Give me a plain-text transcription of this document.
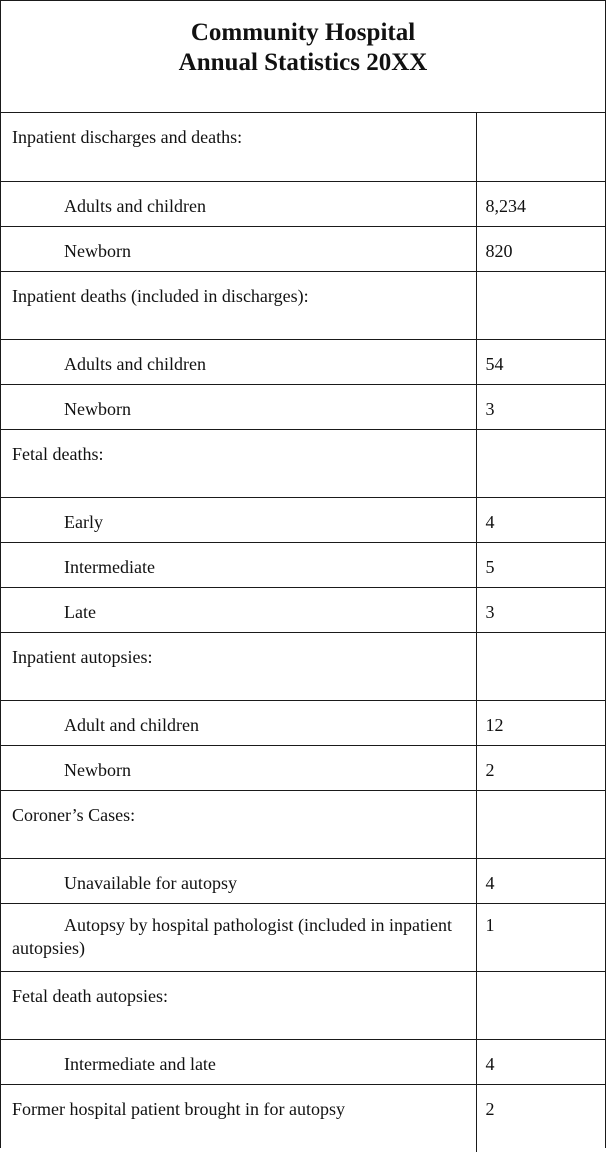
Community Hospital
Annual Statistics 20XX
Inpatient discharges and deaths:	
Adults and children	8,234
Newborn	820
Inpatient deaths (included in discharges):	
Adults and children	54
Newborn	3
Fetal deaths:	
Early	4
Intermediate	5
Late	3
Inpatient autopsies:	
Adult and children	12
Newborn	2
Coroner’s Cases:	
Unavailable for autopsy	4
Autopsy by hospital pathologist (included in inpatient autopsies)	1
Fetal death autopsies:	
Intermediate and late	4
Former hospital patient brought in for autopsy	2
